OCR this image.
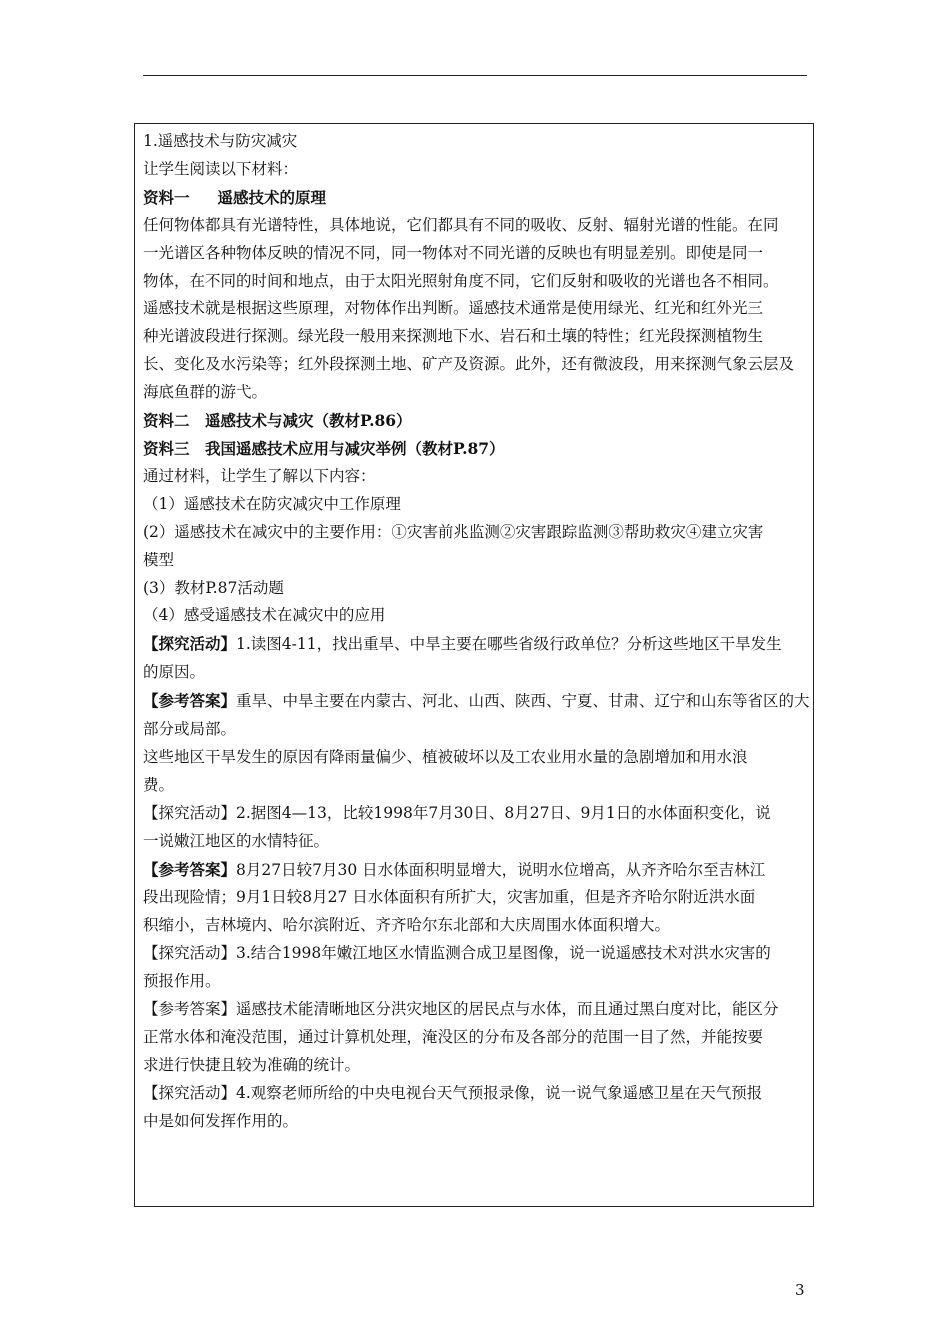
1.遥感技术与防灾减灾

让学生阅读以下材料：

资料一 遥感技术的原理

任何物体都具有光谱特性，具体地说，它们都具有不同的吸收、反射、辐射光谱的性能。在同

一光谱区各种物体反映的情况不同，同一物体对不同光谱的反映也有明显差别。即使是同一

物体，在不同的时间和地点，由于太阳光照射角度不同，它们反射和吸收的光谱也各不相同。

遥感技术就是根据这些原理，对物体作出判断。遥感技术通常是使用绿光、红光和红外光三

种光谱波段进行探测。绿光段一般用来探测地下水、岩石和土壤的特性；红光段探测植物生

长、变化及水污染等；红外段探测土地、矿产及资源。此外，还有微波段，用来探测气象云层及

海底鱼群的游弋。

资料二　遥感技术与减灾（教材P.86）

资料三　我国遥感技术应用与减灾举例（教材P.87）

通过材料，让学生了解以下内容：

（1）遥感技术在防灾减灾中工作原理

(2）遥感技术在减灾中的主要作用：①灾害前兆监测②灾害跟踪监测③帮助救灾④建立灾害

模型

(3）教材P.87活动题

（4）感受遥感技术在减灾中的应用

【探究活动】1.读图4-11，找出重旱、中旱主要在哪些省级行政单位？分析这些地区干旱发生

的原因。

【参考答案】重旱、中旱主要在内蒙古、河北、山西、陕西、宁夏、甘肃、辽宁和山东等省区的大

部分或局部。

这些地区干旱发生的原因有降雨量偏少、植被破坏以及工农业用水量的急剧增加和用水浪

费。

【探究活动】2.据图4—13，比较1998年7月30日、8月27日、9月1日的水体面积变化，说

一说嫩江地区的水情特征。

【参考答案】8月27日较7月30 日水体面积明显增大，说明水位增高，从齐齐哈尔至吉林江

段出现险情；9月1日较8月27 日水体面积有所扩大，灾害加重，但是齐齐哈尔附近洪水面

积缩小，吉林境内、哈尔滨附近、齐齐哈尔东北部和大庆周围水体面积增大。

【探究活动】3.结合1998年嫩江地区水情监测合成卫星图像，说一说遥感技术对洪水灾害的

预报作用。

【参考答案】遥感技术能清晰地区分洪灾地区的居民点与水体，而且通过黑白度对比，能区分

正常水体和淹没范围，通过计算机处理，淹没区的分布及各部分的范围一目了然，并能按要

求进行快捷且较为准确的统计。

【探究活动】4.观察老师所给的中央电视台天气预报录像，说一说气象遥感卫星在天气预报

中是如何发挥作用的。

3
